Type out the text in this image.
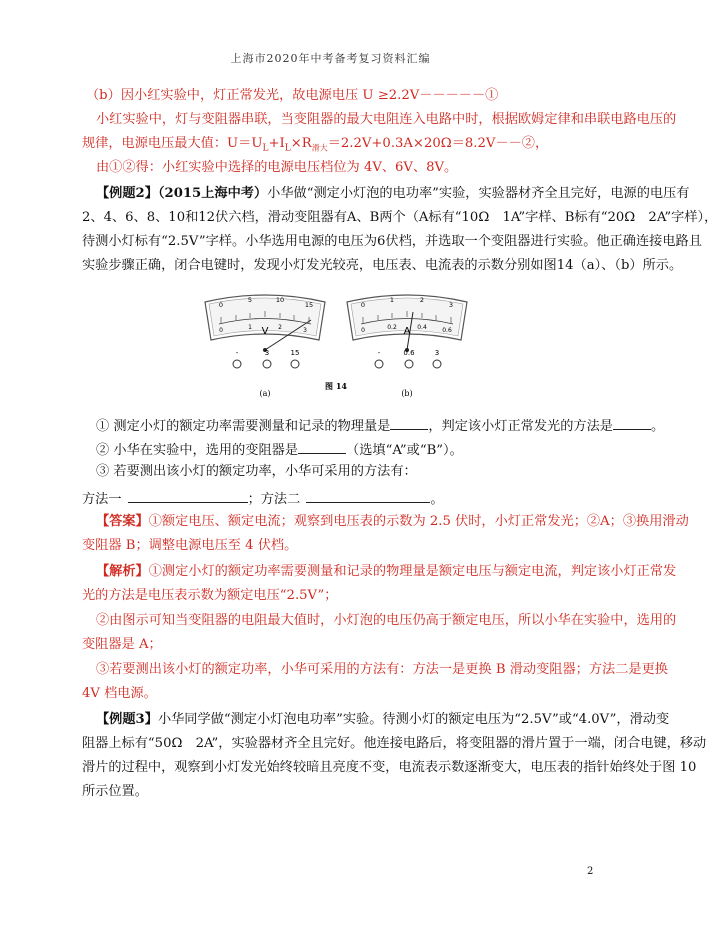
上海市2020年中考备考复习资料汇编
（b）因小红实验中，灯正常发光，故电源电压 U ≥2.2V－－－－－①
小红实验中，灯与变阻器串联，当变阻器的最大电阻连入电路中时，根据欧姆定律和串联电路电压的
规律，电源电压最大值：$U=U_L+I_L\times R_{滑大}=2.2V+0.3A\times 20\Omega=8.2V--②$，
由①②得：小红实验中选择的电源电压档位为 4V、6V、8V。
【例题2】（2015上海中考）小华做“测定小灯泡的电功率”实验，实验器材齐全且完好，电源的电压有
2、4、6、8、10和12伏六档，滑动变阻器有A、B两个（A标有“10Ω　1A”字样、B标有“20Ω　2A”字样），
待测小灯标有“2.5V”字样。小华选用电源的电压为6伏档，并选取一个变阻器进行实验。他正确连接电路且
实验步骤正确，闭合电键时，发现小灯发光较亮，电压表、电流表的示数分别如图14（a）、（b）所示。
0
5	10
15
0	1	2	3
V
-	3	15
(a)
0
1	2
3
0	0.2	0.4	0.6
A
-	0.6	3
(b)
图 14
① 测定小灯的额定功率需要测量和记录的物理量是	，判定该小灯正常发光的方法是	。
② 小华在实验中，选用的变阻器是	（选填“A”或“B”）。
③ 若要测出该小灯的额定功率，小华可采用的方法有：
方法一	；方法二	。
【答案】①额定电压、额定电流；观察到电压表的示数为 2.5 伏时，小灯正常发光；②A；③换用滑动
变阻器 B；调整电源电压至 4 伏档。
【解析】①测定小灯的额定功率需要测量和记录的物理量是额定电压与额定电流，判定该小灯正常发
光的方法是电压表示数为额定电压“2.5V”；
②由图示可知当变阻器的电阻最大值时，小灯泡的电压仍高于额定电压，所以小华在实验中，选用的
变阻器是 A；
③若要测出该小灯的额定功率，小华可采用的方法有：方法一是更换 B 滑动变阻器；方法二是更换
4V 档电源。
【例题3】小华同学做“测定小灯泡电功率”实验。待测小灯的额定电压为“2.5V”或“4.0V”，滑动变
阻器上标有“50Ω　2A”，实验器材齐全且完好。他连接电路后，将变阻器的滑片置于一端，闭合电键，移动
滑片的过程中，观察到小灯发光始终较暗且亮度不变，电流表示数逐渐变大，电压表的指针始终处于图 10
所示位置。
2
